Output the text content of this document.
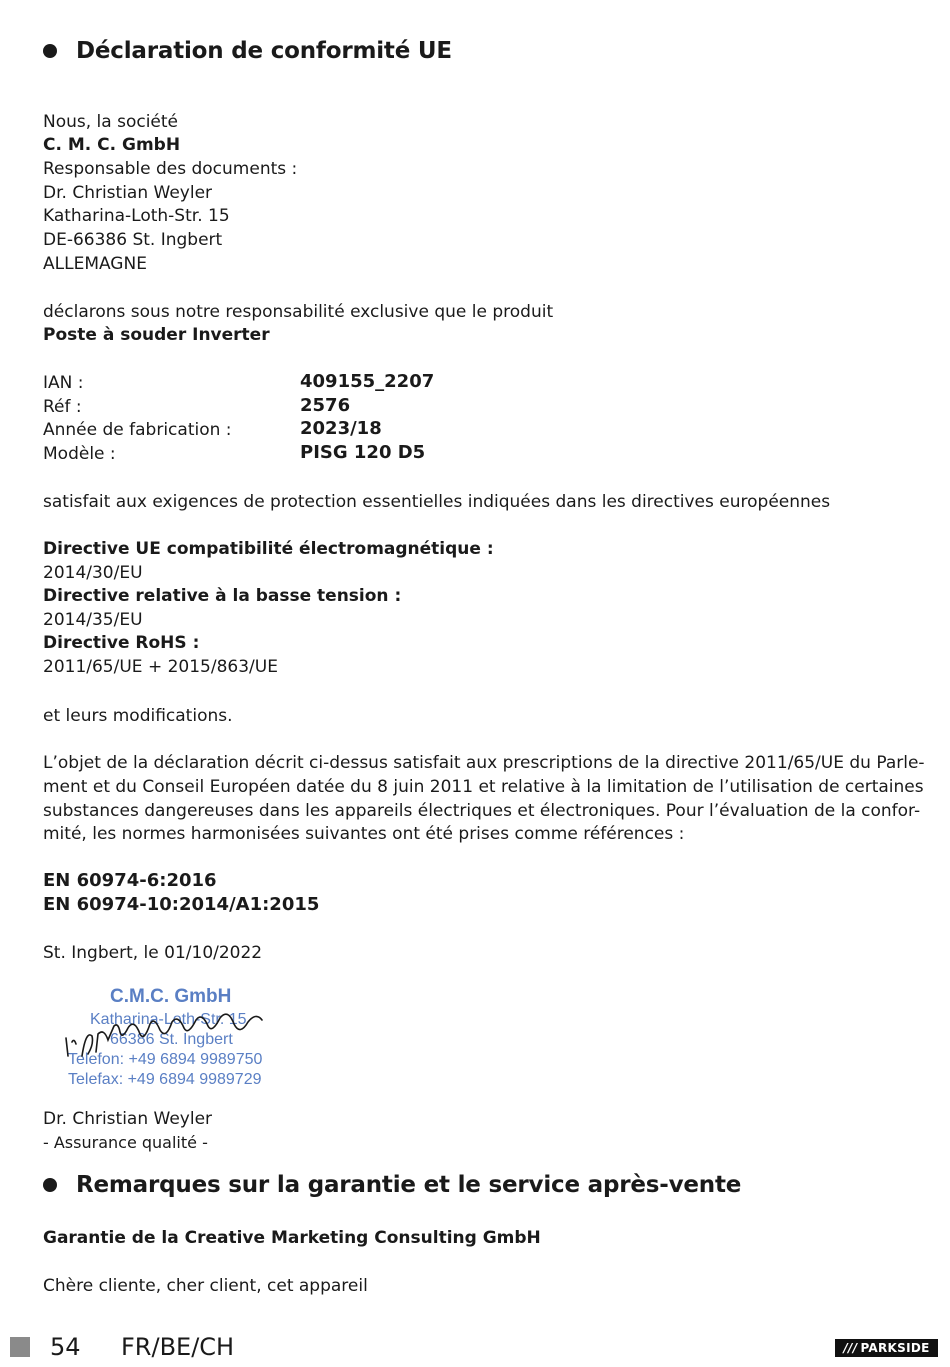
Déclaration de conformité UE
Nous, la société
C. M. C. GmbH
Responsable des documents :
Dr. Christian Weyler
Katharina-Loth-Str. 15
DE-66386 St. Ingbert
ALLEMAGNE
déclarons sous notre responsabilité exclusive que le produit
Poste à souder Inverter
IAN :	409155_2207
Réf :	2576
Année de fabrication :	2023/18
Modèle :	PISG 120 D5
satisfait aux exigences de protection essentielles indiquées dans les directives européennes
Directive UE compatibilité électromagnétique :
2014/30/EU
Directive relative à la basse tension :
2014/35/EU
Directive RoHS :
2011/65/UE + 2015/863/UE
et leurs modifications.
L’objet de la déclaration décrit ci-dessus satisfait aux prescriptions de la directive 2011/65/UE du Parle-
ment et du Conseil Européen datée du 8 juin 2011 et relative à la limitation de l’utilisation de certaines
substances dangereuses dans les appareils électriques et électroniques. Pour l’évaluation de la confor-
mité, les normes harmonisées suivantes ont été prises comme références :
EN 60974-6:2016
EN 60974-10:2014/A1:2015
St. Ingbert, le 01/10/2022
C.M.C. GmbH
Katharina-Loth-Str. 15
66386 St. Ingbert
Telefon: +49 6894 9989750
Telefax: +49 6894 9989729
Dr. Christian Weyler
- Assurance qualité -
Remarques sur la garantie et le service après-vente
Garantie de la Creative Marketing Consulting GmbH
Chère cliente, cher client, cet appareil
54 FR/BE/CH	/// PARKSIDE
